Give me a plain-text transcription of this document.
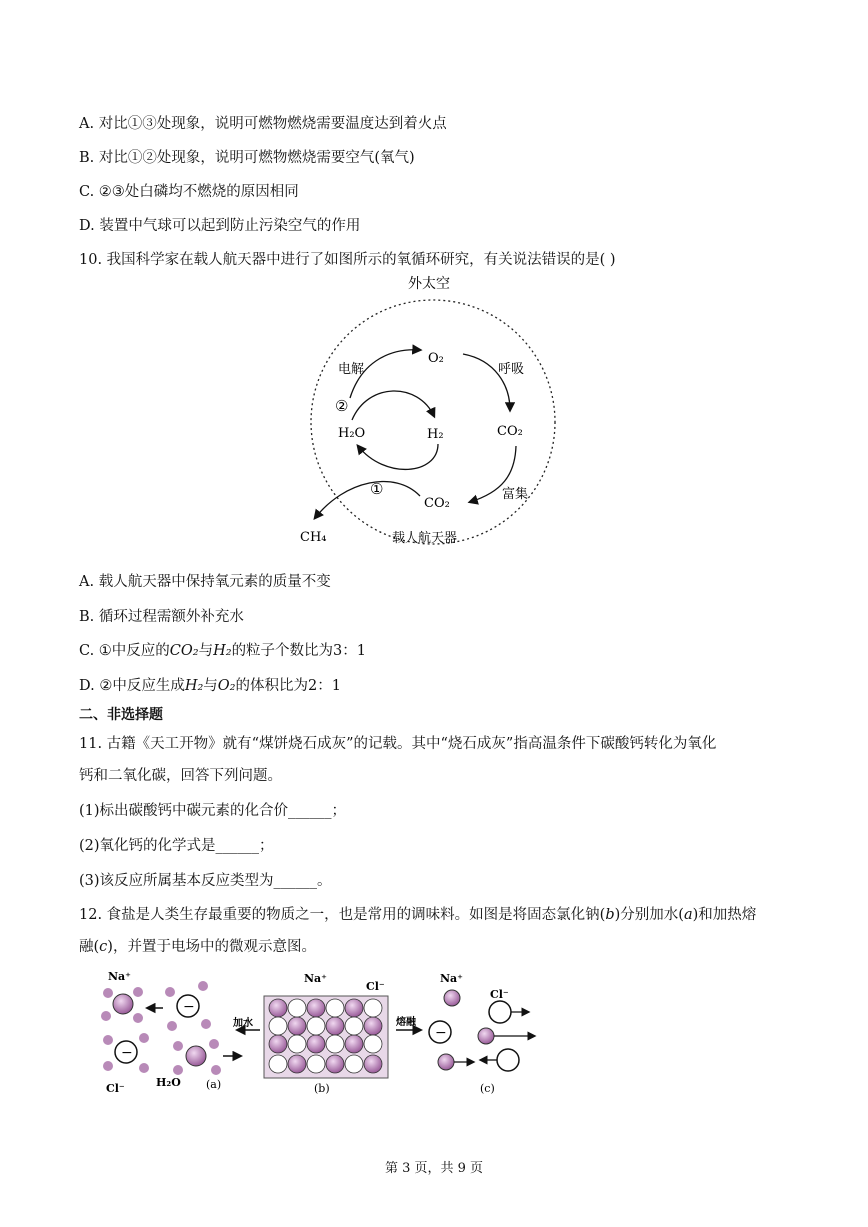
A. 对比①③处现象，说明可燃物燃烧需要温度达到着火点
B. 对比①②处现象，说明可燃物燃烧需要空气(氧气)
C. ②③处白磷均不燃烧的原因相同
D. 装置中气球可以起到防止污染空气的作用
10. 我国科学家在载人航天器中进行了如图所示的氧循环研究，有关说法错误的是( )
外太空
载人航天器
电解	呼吸
富集
②
①
O₂
CO₂
H₂O	H₂
CO₂
CH₄
A. 载人航天器中保持氧元素的质量不变
B. 循环过程需额外补充水
C. ①中反应的CO₂与H₂的粒子个数比为3：1
D. ②中反应生成H₂与O₂的体积比为2：1
二、非选择题
11. 古籍《天工开物》就有“煤饼烧石成灰”的记载。其中“烧石成灰”指高温条件下碳酸钙转化为氧化
钙和二氧化碳，回答下列问题。
(1)标出碳酸钙中碳元素的化合价______；
(2)氧化钙的化学式是______；
(3)该反应所属基本反应类型为______。
12. 食盐是人类生存最重要的物质之一，也是常用的调味料。如图是将固态氯化钠(b)分别加水(a)和加热熔
融(c)，并置于电场中的微观示意图。
−
−
Na⁺
Cl⁻	H₂O (a)
加水
Na⁺
Cl⁻
(b)
熔融
−
Na⁺
Cl⁻
(c)
第 3 页，共 9 页
